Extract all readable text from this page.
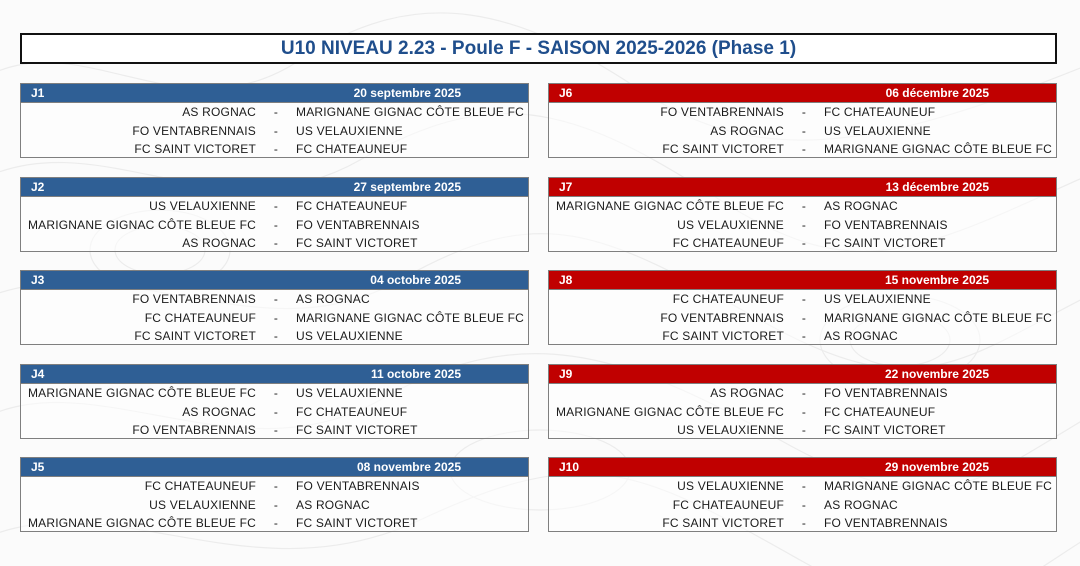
U10 NIVEAU 2.23 - Poule F - SAISON 2025-2026 (Phase 1)
J1	20 septembre 2025
AS ROGNAC	-	MARIGNANE GIGNAC CÔTE BLEUE FC
FO VENTABRENNAIS	-	US VELAUXIENNE
FC SAINT VICTORET	-	FC CHATEAUNEUF
J2	27 septembre 2025
US VELAUXIENNE	-	FC CHATEAUNEUF
MARIGNANE GIGNAC CÔTE BLEUE FC	-	FO VENTABRENNAIS
AS ROGNAC	-	FC SAINT VICTORET
J3	04 octobre 2025
FO VENTABRENNAIS	-	AS ROGNAC
FC CHATEAUNEUF	-	MARIGNANE GIGNAC CÔTE BLEUE FC
FC SAINT VICTORET	-	US VELAUXIENNE
J4	11 octobre 2025
MARIGNANE GIGNAC CÔTE BLEUE FC	-	US VELAUXIENNE
AS ROGNAC	-	FC CHATEAUNEUF
FO VENTABRENNAIS	-	FC SAINT VICTORET
J5	08 novembre 2025
FC CHATEAUNEUF	-	FO VENTABRENNAIS
US VELAUXIENNE	-	AS ROGNAC
MARIGNANE GIGNAC CÔTE BLEUE FC	-	FC SAINT VICTORET
J6	06 décembre 2025
FO VENTABRENNAIS	-	FC CHATEAUNEUF
AS ROGNAC	-	US VELAUXIENNE
FC SAINT VICTORET	-	MARIGNANE GIGNAC CÔTE BLEUE FC
J7	13 décembre 2025
MARIGNANE GIGNAC CÔTE BLEUE FC	-	AS ROGNAC
US VELAUXIENNE	-	FO VENTABRENNAIS
FC CHATEAUNEUF	-	FC SAINT VICTORET
J8	15 novembre 2025
FC CHATEAUNEUF	-	US VELAUXIENNE
FO VENTABRENNAIS	-	MARIGNANE GIGNAC CÔTE BLEUE FC
FC SAINT VICTORET	-	AS ROGNAC
J9	22 novembre 2025
AS ROGNAC	-	FO VENTABRENNAIS
MARIGNANE GIGNAC CÔTE BLEUE FC	-	FC CHATEAUNEUF
US VELAUXIENNE	-	FC SAINT VICTORET
J10	29 novembre 2025
US VELAUXIENNE	-	MARIGNANE GIGNAC CÔTE BLEUE FC
FC CHATEAUNEUF	-	AS ROGNAC
FC SAINT VICTORET	-	FO VENTABRENNAIS
